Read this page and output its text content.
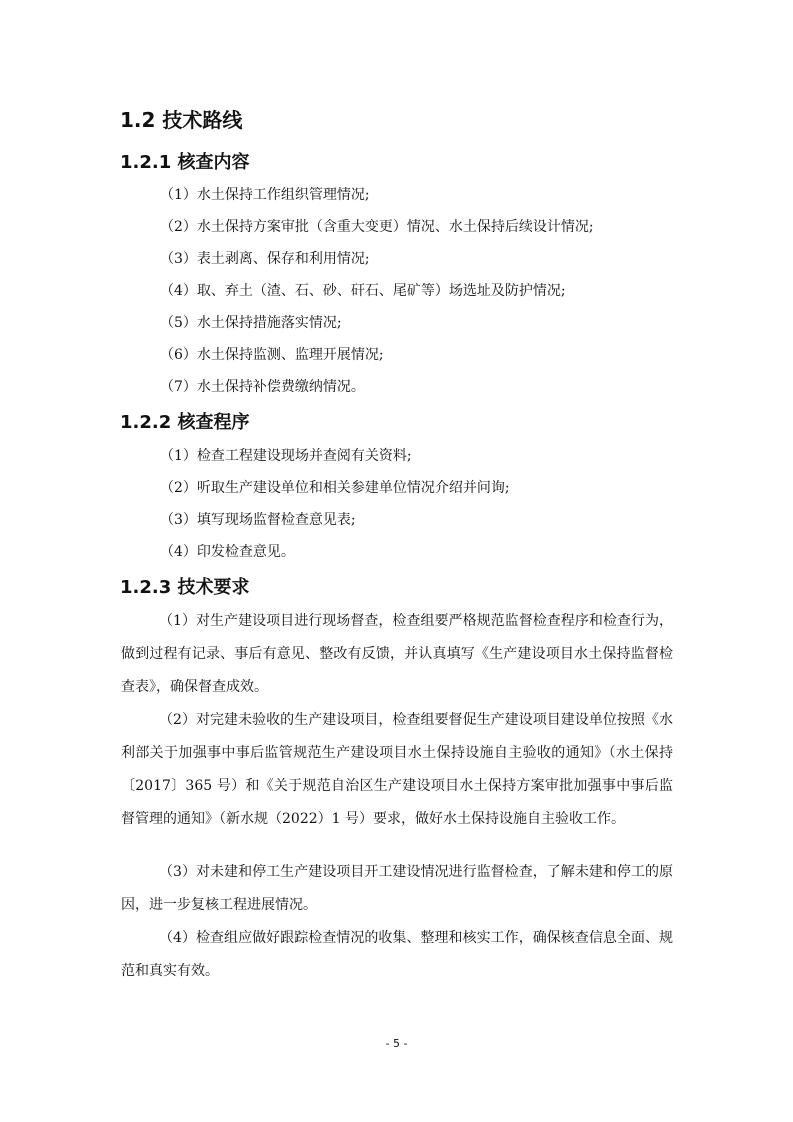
1.2 技术路线
1.2.1 核查内容

（1）水土保持工作组织管理情况;

（2）水土保持方案审批（含重大变更）情况、水土保持后续设计情况;

（3）表土剥离、保存和利用情况;

（4）取、弃土（渣、石、砂、矸石、尾矿等）场选址及防护情况;

（5）水土保持措施落实情况;

（6）水土保持监测、监理开展情况;

（7）水土保持补偿费缴纳情况。

1.2.2 核查程序

（1）检查工程建设现场并查阅有关资料;

（2）听取生产建设单位和相关参建单位情况介绍并问询;

（3）填写现场监督检查意见表;

（4）印发检查意见。

1.2.3 技术要求

（1）对生产建设项目进行现场督查，检查组要严格规范监督检查程序和检查行为，做到过程有记录、事后有意见、整改有反馈，并认真填写《生产建设项目水土保持监督检查表》，确保督查成效。

（2）对完建未验收的生产建设项目，检查组要督促生产建设项目建设单位按照《水利部关于加强事中事后监管规范生产建设项目水土保持设施自主验收的通知》（水土保持〔2017〕365 号）和《关于规范自治区生产建设项目水土保持方案审批加强事中事后监督管理的通知》（新水规（2022）1 号）要求，做好水土保持设施自主验收工作。

（3）对未建和停工生产建设项目开工建设情况进行监督检查，了解未建和停工的原因，进一步复核工程进展情况。

（4）检查组应做好跟踪检查情况的收集、整理和核实工作，确保核查信息全面、规范和真实有效。

- 5 -
